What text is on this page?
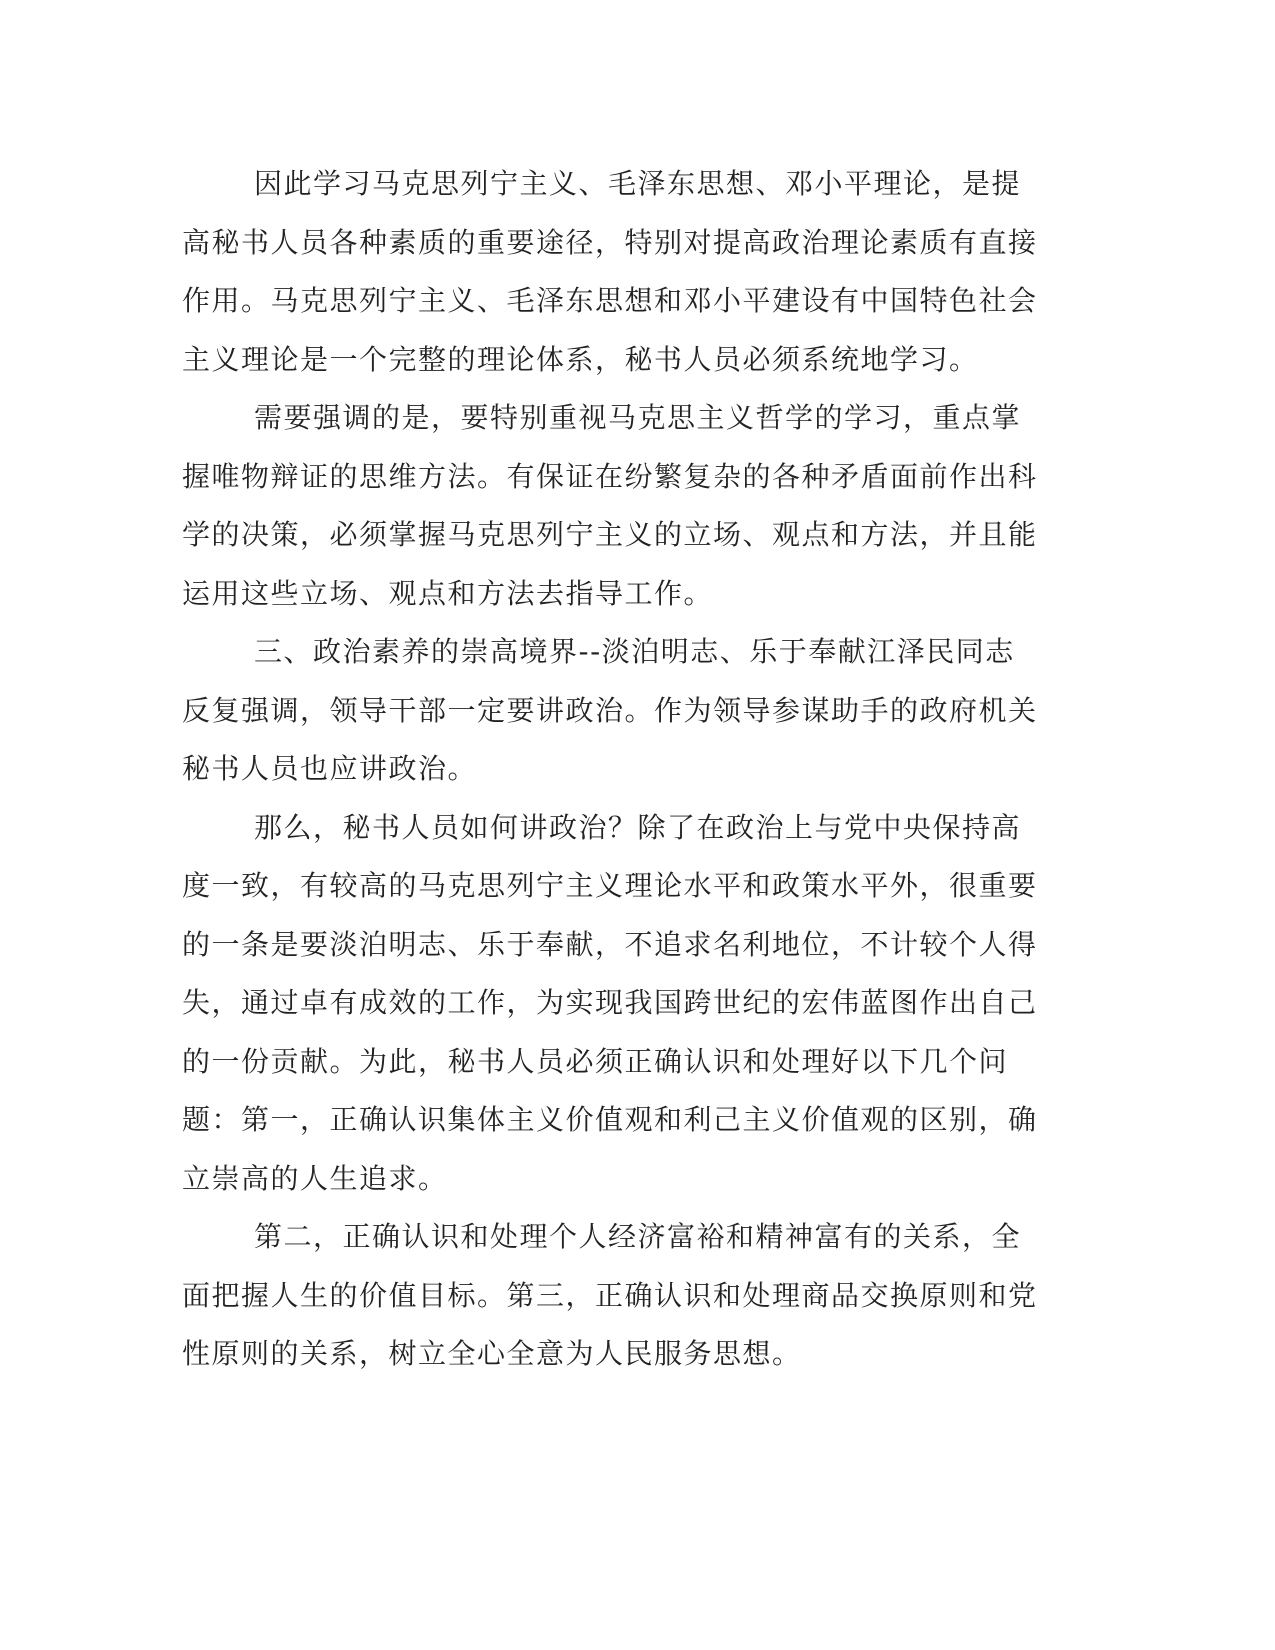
因此学习马克思列宁主义、毛泽东思想、邓小平理论，是提高秘书人员各种素质的重要途径，特别对提高政治理论素质有直接作用。马克思列宁主义、毛泽东思想和邓小平建设有中国特色社会主义理论是一个完整的理论体系，秘书人员必须系统地学习。

需要强调的是，要特别重视马克思主义哲学的学习，重点掌握唯物辩证的思维方法。有保证在纷繁复杂的各种矛盾面前作出科学的决策，必须掌握马克思列宁主义的立场、观点和方法，并且能运用这些立场、观点和方法去指导工作。

三、政治素养的崇高境界--淡泊明志、乐于奉献江泽民同志反复强调，领导干部一定要讲政治。作为领导参谋助手的政府机关秘书人员也应讲政治。

那么，秘书人员如何讲政治？除了在政治上与党中央保持高度一致，有较高的马克思列宁主义理论水平和政策水平外，很重要的一条是要淡泊明志、乐于奉献，不追求名利地位，不计较个人得失，通过卓有成效的工作，为实现我国跨世纪的宏伟蓝图作出自己的一份贡献。为此，秘书人员必须正确认识和处理好以下几个问题：第一，正确认识集体主义价值观和利己主义价值观的区别，确立崇高的人生追求。

第二，正确认识和处理个人经济富裕和精神富有的关系，全面把握人生的价值目标。第三，正确认识和处理商品交换原则和党性原则的关系，树立全心全意为人民服务思想。
